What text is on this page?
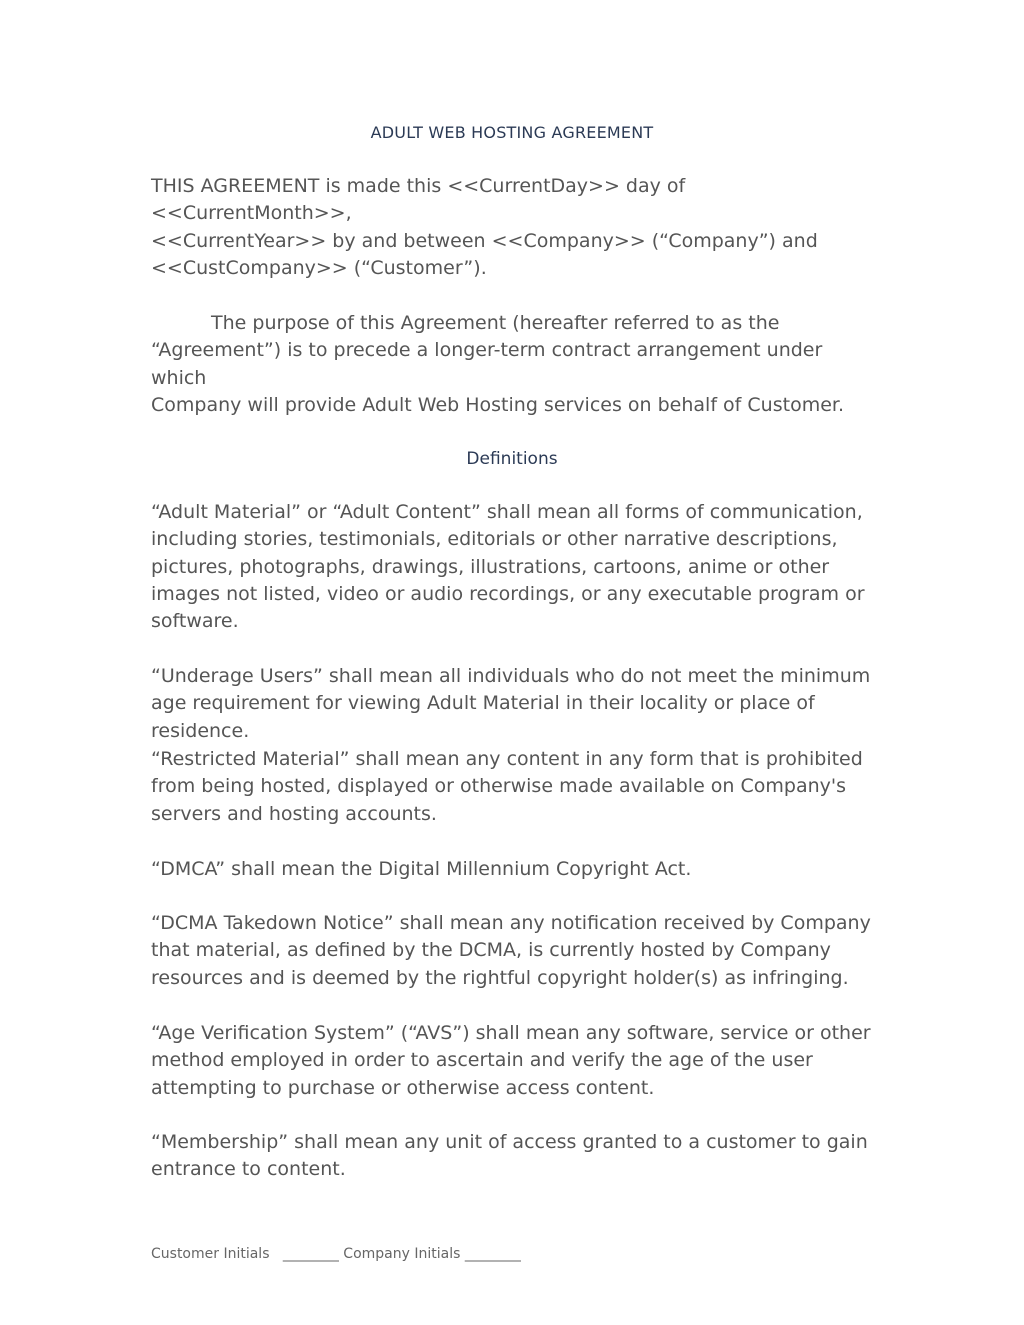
ADULT WEB HOSTING AGREEMENT

THIS AGREEMENT is made this <<CurrentDay>> day of <<CurrentMonth>>,
<<CurrentYear>> by and between <<Company>> (“Company”) and
<<CustCompany>> (“Customer”).

The purpose of this Agreement (hereafter referred to as the
“Agreement”) is to precede a longer-term contract arrangement under which
Company will provide Adult Web Hosting services on behalf of Customer.

Definitions

“Adult Material” or “Adult Content” shall mean all forms of communication,
including stories, testimonials, editorials or other narrative descriptions,
pictures, photographs, drawings, illustrations, cartoons, anime or other
images not listed, video or audio recordings, or any executable program or
software.

“Underage Users” shall mean all individuals who do not meet the minimum
age requirement for viewing Adult Material in their locality or place of
residence.

“Restricted Material” shall mean any content in any form that is prohibited
from being hosted, displayed or otherwise made available on Company's
servers and hosting accounts.

“DMCA” shall mean the Digital Millennium Copyright Act.

“DCMA Takedown Notice” shall mean any notification received by Company
that material, as defined by the DCMA, is currently hosted by Company
resources and is deemed by the rightful copyright holder(s) as infringing.

“Age Verification System” (“AVS”) shall mean any software, service or other
method employed in order to ascertain and verify the age of the user
attempting to purchase or otherwise access content.

“Membership” shall mean any unit of access granted to a customer to gain
entrance to content.

Customer Initials   ________ Company Initials ________
